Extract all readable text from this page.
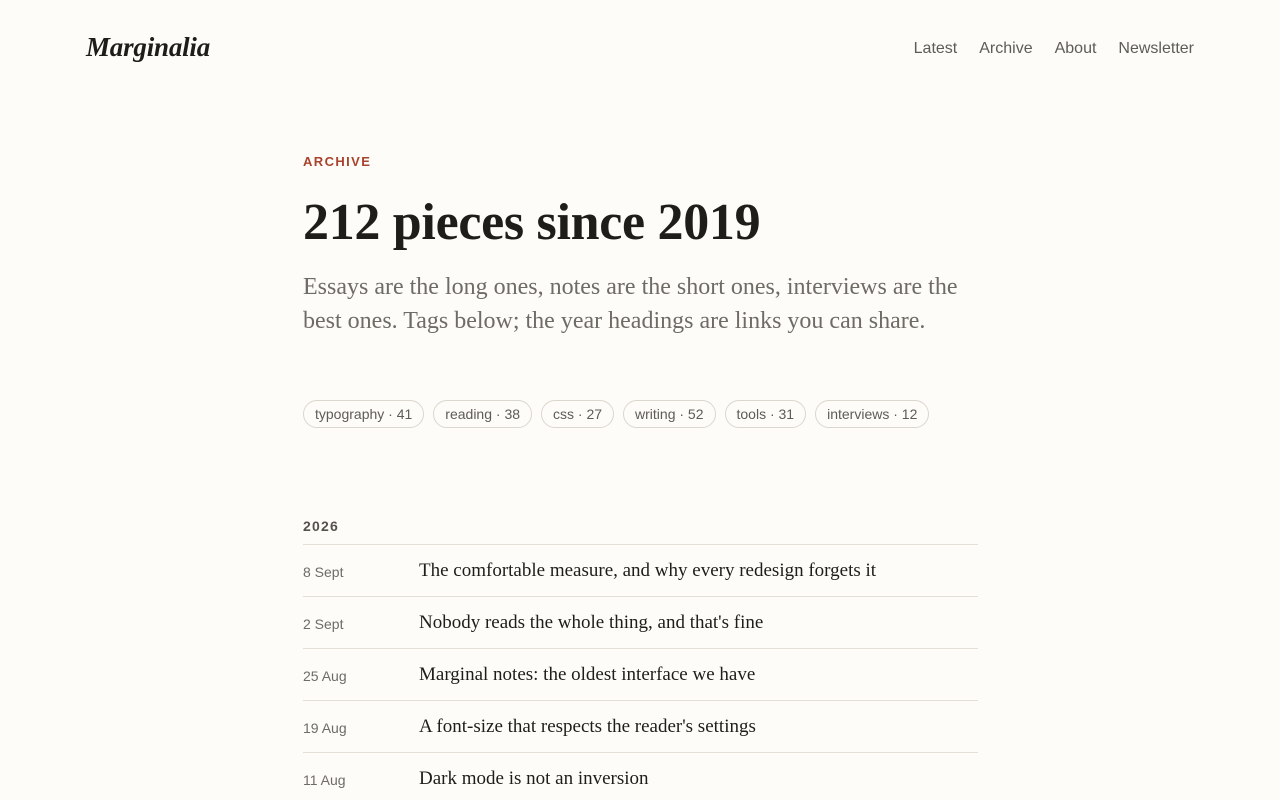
Marginalia	Latest Archive About Newsletter
ARCHIVE
212 pieces since 2019

Essays are the long ones, notes are the short ones, interviews are the best ones. Tags below; the year headings are links you can share.

typography · 41	reading · 38	css · 27	writing · 52	tools · 31	interviews · 12
2026
8 Sept	The comfortable measure, and why every redesign forgets it
2 Sept	Nobody reads the whole thing, and that's fine
25 Aug	Marginal notes: the oldest interface we have
19 Aug	A font-size that respects the reader's settings
11 Aug	Dark mode is not an inversion
